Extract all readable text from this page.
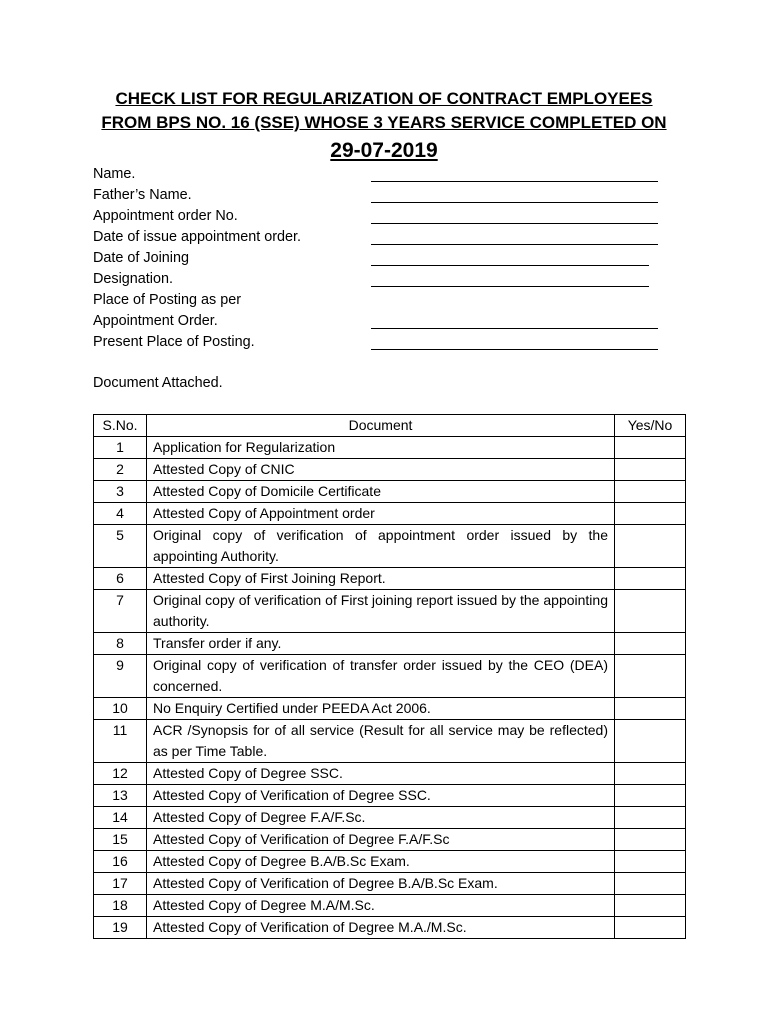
CHECK LIST FOR REGULARIZATION OF CONTRACT EMPLOYEES
FROM BPS NO. 16 (SSE) WHOSE 3 YEARS SERVICE COMPLETED ON
29-07-2019
Name.
Father’s Name.
Appointment order No.
Date of issue appointment order.
Date of Joining
Designation.
Place of Posting as per
Appointment Order.
Present Place of Posting.
Document Attached.
S.No.	Document	Yes/No
1	Application for Regularization	
2	Attested Copy of CNIC	
3	Attested Copy of Domicile Certificate	
4	Attested Copy of Appointment order	
5	Original copy of verification of appointment order issued by the appointing Authority.	
6	Attested Copy of First Joining Report.	
7	Original copy of verification of First joining report issued by the appointing authority.	
8	Transfer order if any.	
9	Original copy of verification of transfer order issued by the CEO (DEA) concerned.	
10	No Enquiry Certified under PEEDA Act 2006.	
11	ACR /Synopsis for of all service (Result for all service may be reflected) as per Time Table.	
12	Attested Copy of Degree SSC.	
13	Attested Copy of Verification of Degree SSC.	
14	Attested Copy of Degree F.A/F.Sc.	
15	Attested Copy of Verification of Degree F.A/F.Sc	
16	Attested Copy of Degree B.A/B.Sc Exam.	
17	Attested Copy of Verification of Degree B.A/B.Sc Exam.	
18	Attested Copy of Degree M.A/M.Sc.	
19	Attested Copy of Verification of Degree M.A./M.Sc.	
